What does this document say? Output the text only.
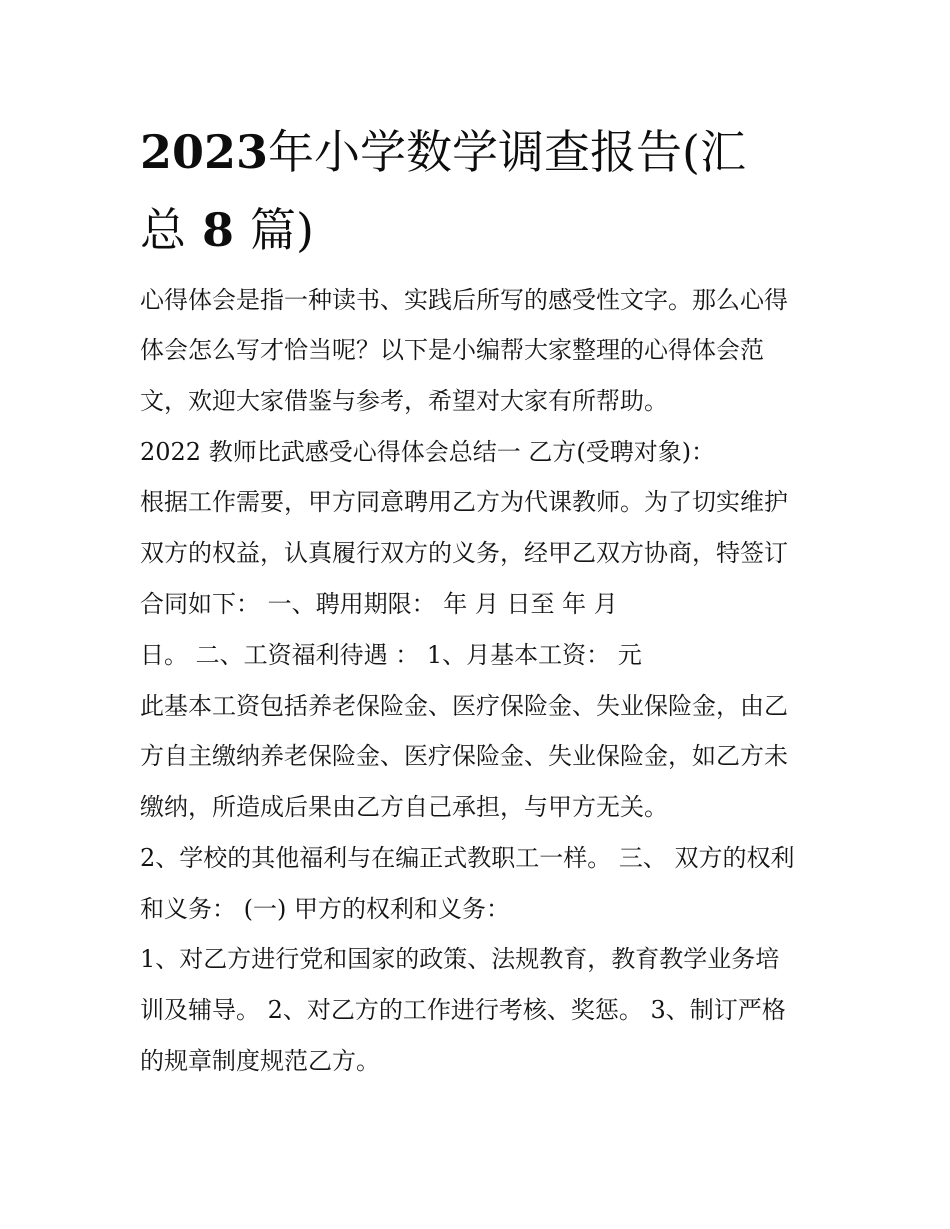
2023年小学数学调查报告(汇
总 8 篇)

心得体会是指一种读书、实践后所写的感受性文字。那么心得

体会怎么写才恰当呢？以下是小编帮大家整理的心得体会范

文，欢迎大家借鉴与参考，希望对大家有所帮助。

2022 教师比武感受心得体会总结一 乙方(受聘对象)：

根据工作需要，甲方同意聘用乙方为代课教师。为了切实维护

双方的权益，认真履行双方的义务，经甲乙双方协商，特签订

合同如下： 一、聘用期限： 年 月 日至 年 月

日。 二、工资福利待遇 ： 1、月基本工资： 元

此基本工资包括养老保险金、医疗保险金、失业保险金，由乙

方自主缴纳养老保险金、医疗保险金、失业保险金，如乙方未

缴纳，所造成后果由乙方自己承担，与甲方无关。

2、学校的其他福利与在编正式教职工一样。 三、 双方的权利

和义务： (一) 甲方的权利和义务：

1、对乙方进行党和国家的政策、法规教育，教育教学业务培

训及辅导。 2、对乙方的工作进行考核、奖惩。 3、制订严格

的规章制度规范乙方。
